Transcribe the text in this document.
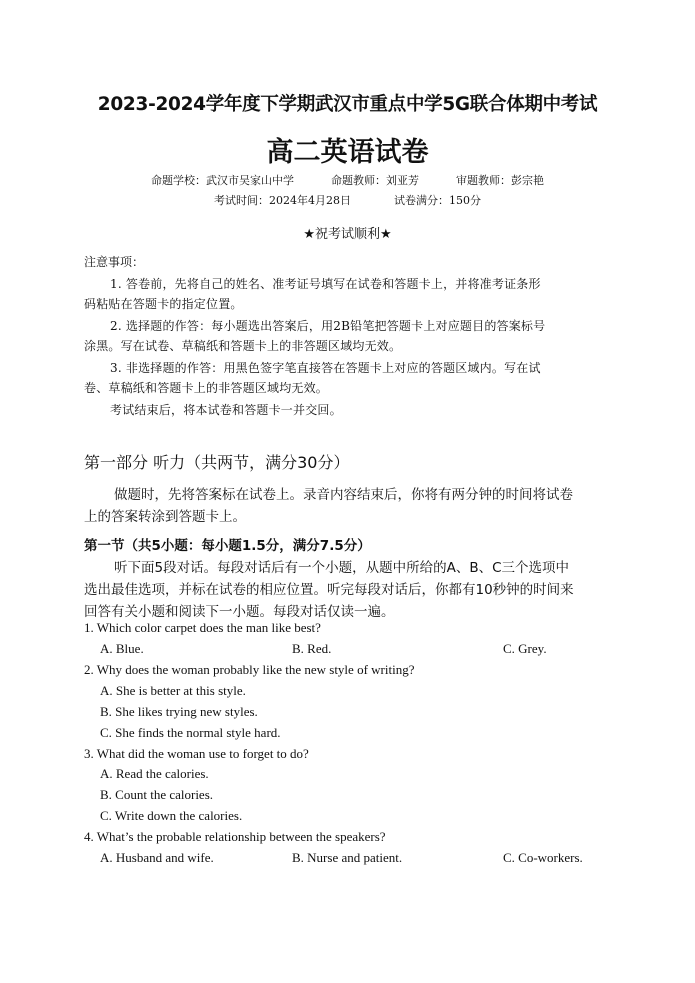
2023-2024学年度下学期武汉市重点中学5G联合体期中考试
高二英语试卷
命题学校：武汉市吴家山中学	命题教师：刘亚芳	审题教师：彭宗艳
考试时间：2024年4月28日	试卷满分：150分
★祝考试顺利★
注意事项：
1. 答卷前，先将自己的姓名、准考证号填写在试卷和答题卡上，并将准考证条形
码粘贴在答题卡的指定位置。
2. 选择题的作答：每小题选出答案后，用2B铅笔把答题卡上对应题目的答案标号
涂黑。写在试卷、草稿纸和答题卡上的非答题区域均无效。
3. 非选择题的作答：用黑色签字笔直接答在答题卡上对应的答题区域内。写在试
卷、草稿纸和答题卡上的非答题区域均无效。
考试结束后，将本试卷和答题卡一并交回。
第一部分 听力（共两节，满分30分）
做题时，先将答案标在试卷上。录音内容结束后，你将有两分钟的时间将试卷
上的答案转涂到答题卡上。
第一节（共5小题：每小题1.5分，满分7.5分）
听下面5段对话。每段对话后有一个小题，从题中所给的A、B、C三个选项中
选出最佳选项，并标在试卷的相应位置。听完每段对话后，你都有10秒钟的时间来
回答有关小题和阅读下一小题。每段对话仅读一遍。
1. Which color carpet does the man like best?
A. Blue.	B. Red.	C. Grey.
2. Why does the woman probably like the new style of writing?
A. She is better at this style.
B. She likes trying new styles.
C. She finds the normal style hard.
3. What did the woman use to forget to do?
A. Read the calories.
B. Count the calories.
C. Write down the calories.
4. What’s the probable relationship between the speakers?
A. Husband and wife.	B. Nurse and patient.	C. Co-workers.
